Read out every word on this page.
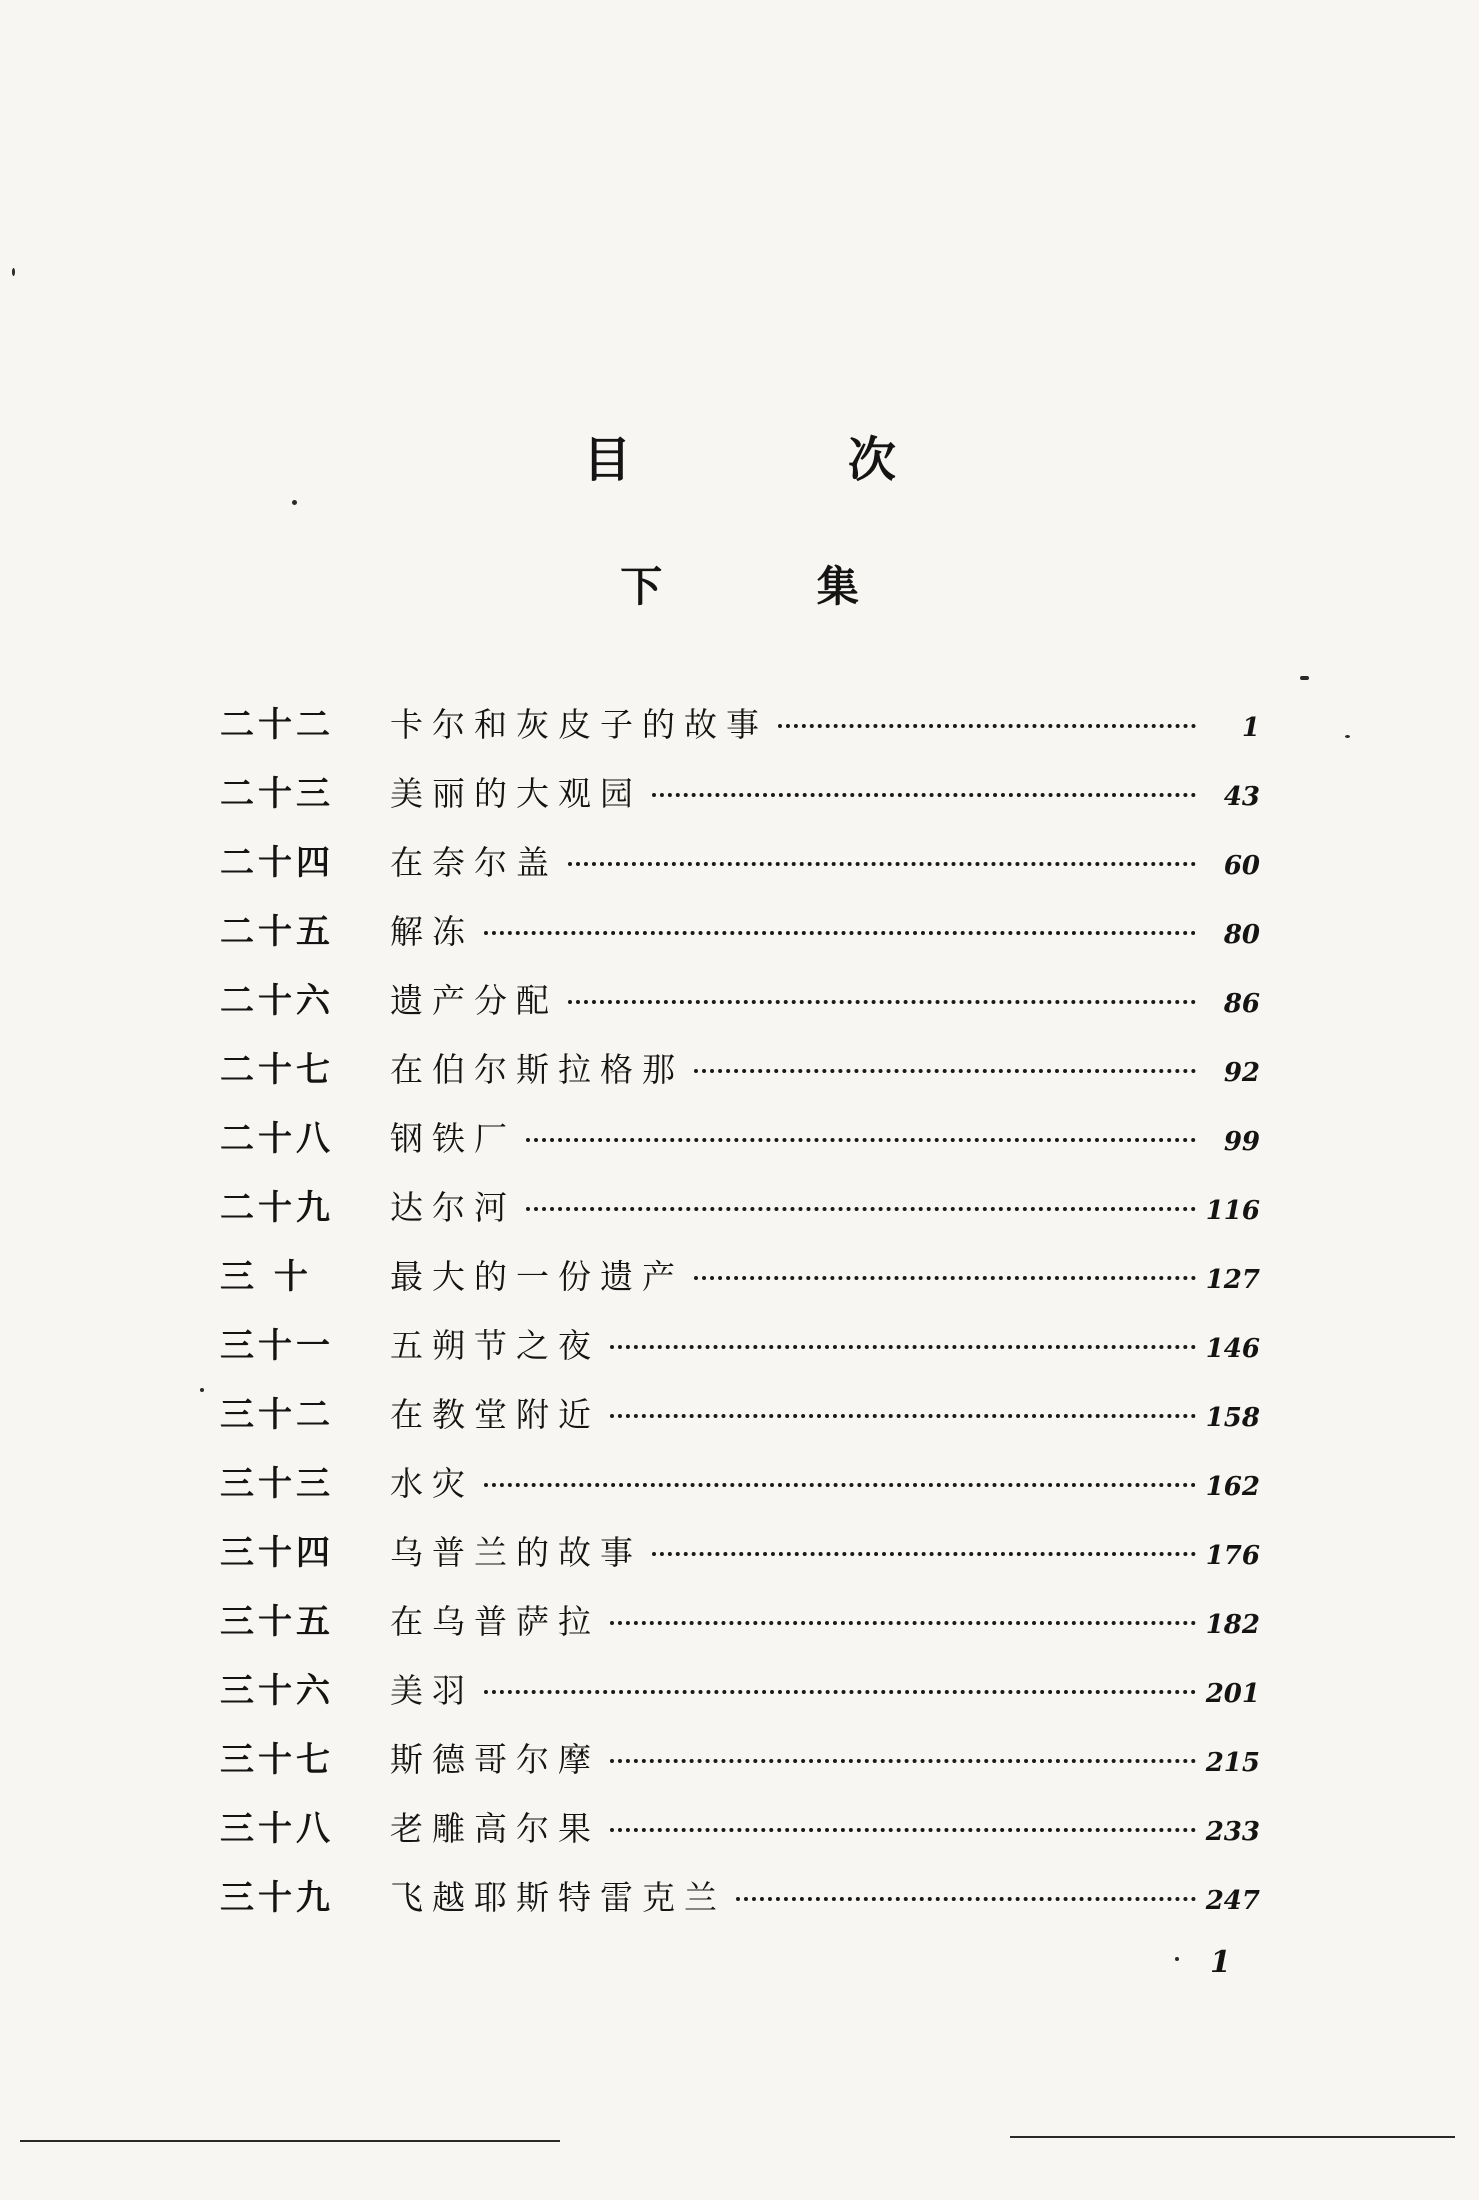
目 次
下 集
二十二	卡尔和灰皮子的故事	1
二十三	美丽的大观园	43
二十四	在奈尔盖	60
二十五	解冻	80
二十六	遗产分配	86
二十七	在伯尔斯拉格那	92
二十八	钢铁厂	99
二十九	达尔河	116
三 十	最大的一份遗产	127
三十一	五朔节之夜	146
三十二	在教堂附近	158
三十三	水灾	162
三十四	乌普兰的故事	176
三十五	在乌普萨拉	182
三十六	美羽	201
三十七	斯德哥尔摩	215
三十八	老雕高尔果	233
三十九	飞越耶斯特雷克兰	247
1
